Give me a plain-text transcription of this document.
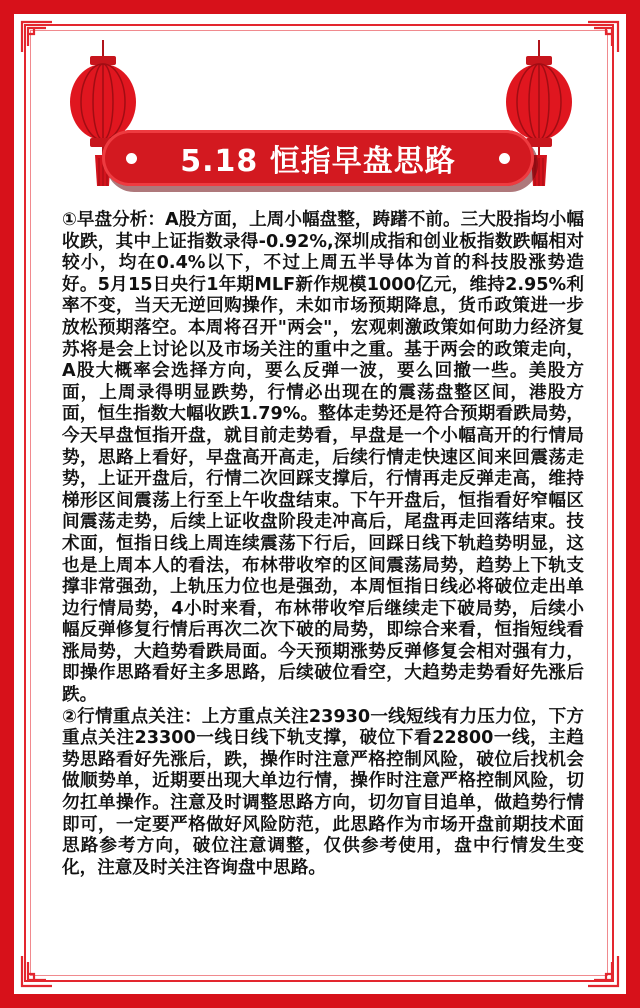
5.18 恒指早盘思路

①早盘分析：A股方面，上周小幅盘整，踌躇不前。三大股指均小幅收跌，其中上证指数录得-0.92%,深圳成指和创业板指数跌幅相对较小，均在0.4%以下，不过上周五半导体为首的科技股涨势造好。5月15日央行1年期MLF新作规模1000亿元，维持2.95%利率不变，当天无逆回购操作，未如市场预期降息，货币政策进一步放松预期落空。本周将召开"两会"，宏观刺激政策如何助力经济复苏将是会上讨论以及市场关注的重中之重。基于两会的政策走向，A股大概率会选择方向，要么反弹一波，要么回撤一些。美股方面，上周录得明显跌势，行情必出现在的震荡盘整区间，港股方面，恒生指数大幅收跌1.79%。整体走势还是符合预期看跌局势，今天早盘恒指开盘，就目前走势看，早盘是一个小幅高开的行情局势，思路上看好，早盘高开高走，后续行情走快速区间来回震荡走势，上证开盘后，行情二次回踩支撑后，行情再走反弹走高，维持梯形区间震荡上行至上午收盘结束。下午开盘后，恒指看好窄幅区间震荡走势，后续上证收盘阶段走冲高后，尾盘再走回落结束。技术面，恒指日线上周连续震荡下行后，回踩日线下轨趋势明显，这也是上周本人的看法，布林带收窄的区间震荡局势，趋势上下轨支撑非常强劲，上轨压力位也是强劲，本周恒指日线必将破位走出单边行情局势，4小时来看，布林带收窄后继续走下破局势，后续小幅反弹修复行情后再次二次下破的局势，即综合来看，恒指短线看涨局势，大趋势看跌局面。今天预期涨势反弹修复会相对强有力，即操作思路看好主多思路，后续破位看空，大趋势走势看好先涨后跌。

②行情重点关注：上方重点关注23930一线短线有力压力位，下方重点关注23300一线日线下轨支撑，破位下看22800一线，主趋势思路看好先涨后，跌，操作时注意严格控制风险，破位后找机会做顺势单，近期要出现大单边行情，操作时注意严格控制风险，切勿扛单操作。注意及时调整思路方向，切勿盲目追单，做趋势行情即可，一定要严格做好风险防范，此思路作为市场开盘前期技术面思路参考方向，破位注意调整，仅供参考使用，盘中行情发生变化，注意及时关注咨询盘中思路。
